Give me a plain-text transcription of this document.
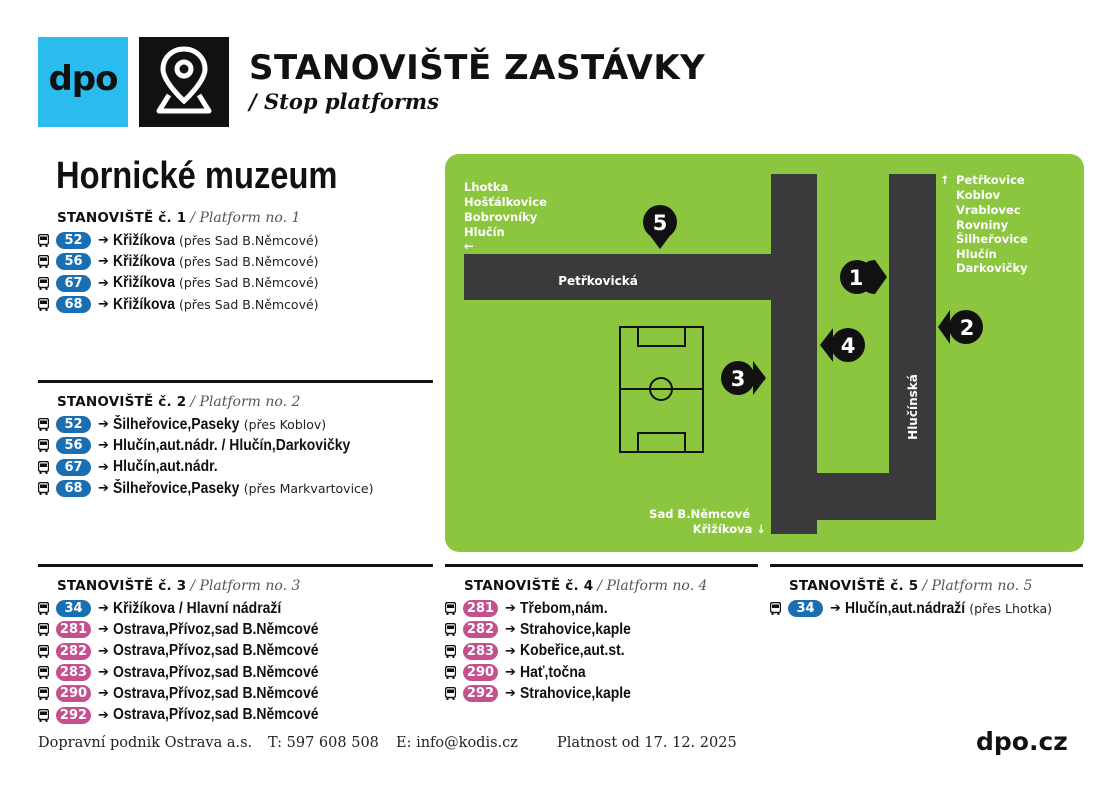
dpo	STANOVIŠTĚ ZASTÁVKY
/ Stop platforms
Hornické muzeum
STANOVIŠTĚ č. 1 / Platform no. 1
52	➔ Křižíkova (přes Sad B.Němcové)
56	➔ Křižíkova (přes Sad B.Němcové)
67	➔ Křižíkova (přes Sad B.Němcové)
68	➔ Křižíkova (přes Sad B.Němcové)
STANOVIŠTĚ č. 2 / Platform no. 2
52	➔ Šilheřovice,Paseky (přes Koblov)
56	➔ Hlučín,aut.nádr. / Hlučín,Darkovičky
67	➔ Hlučín,aut.nádr.
68	➔ Šilheřovice,Paseky (přes Markvartovice)
STANOVIŠTĚ č. 3 / Platform no. 3
34	➔ Křižíkova / Hlavní nádraží
281 ➔ Ostrava,Přívoz,sad B.Němcové
282 ➔ Ostrava,Přívoz,sad B.Němcové
283 ➔ Ostrava,Přívoz,sad B.Němcové
290 ➔ Ostrava,Přívoz,sad B.Němcové
292 ➔ Ostrava,Přívoz,sad B.Němcové
STANOVIŠTĚ č. 4 / Platform no. 4
281 ➔ Třebom,nám.
282 ➔ Strahovice,kaple
283 ➔ Kobeřice,aut.st.
290 ➔ Hať,točna
292 ➔ Strahovice,kaple
STANOVIŠTĚ č. 5 / Platform no. 5
34	➔ Hlučín,aut.nádraží (přes Lhotka)
Petřkovická
Hlučínská
Lhotka
Hošťálkovice
Bobrovníky
Hlučín
←
↑ Petřkovice
Koblov
Vrablovec
Rovniny
Šilheřovice
Hlučín
Darkovičky
Sad B.Němcové
Křižíkova ↓
1
2
3
4
5
Dopravní podnik Ostrava a.s. T: 597 608 508 E: info@kodis.cz	Platnost od 17. 12. 2025	dpo.cz
